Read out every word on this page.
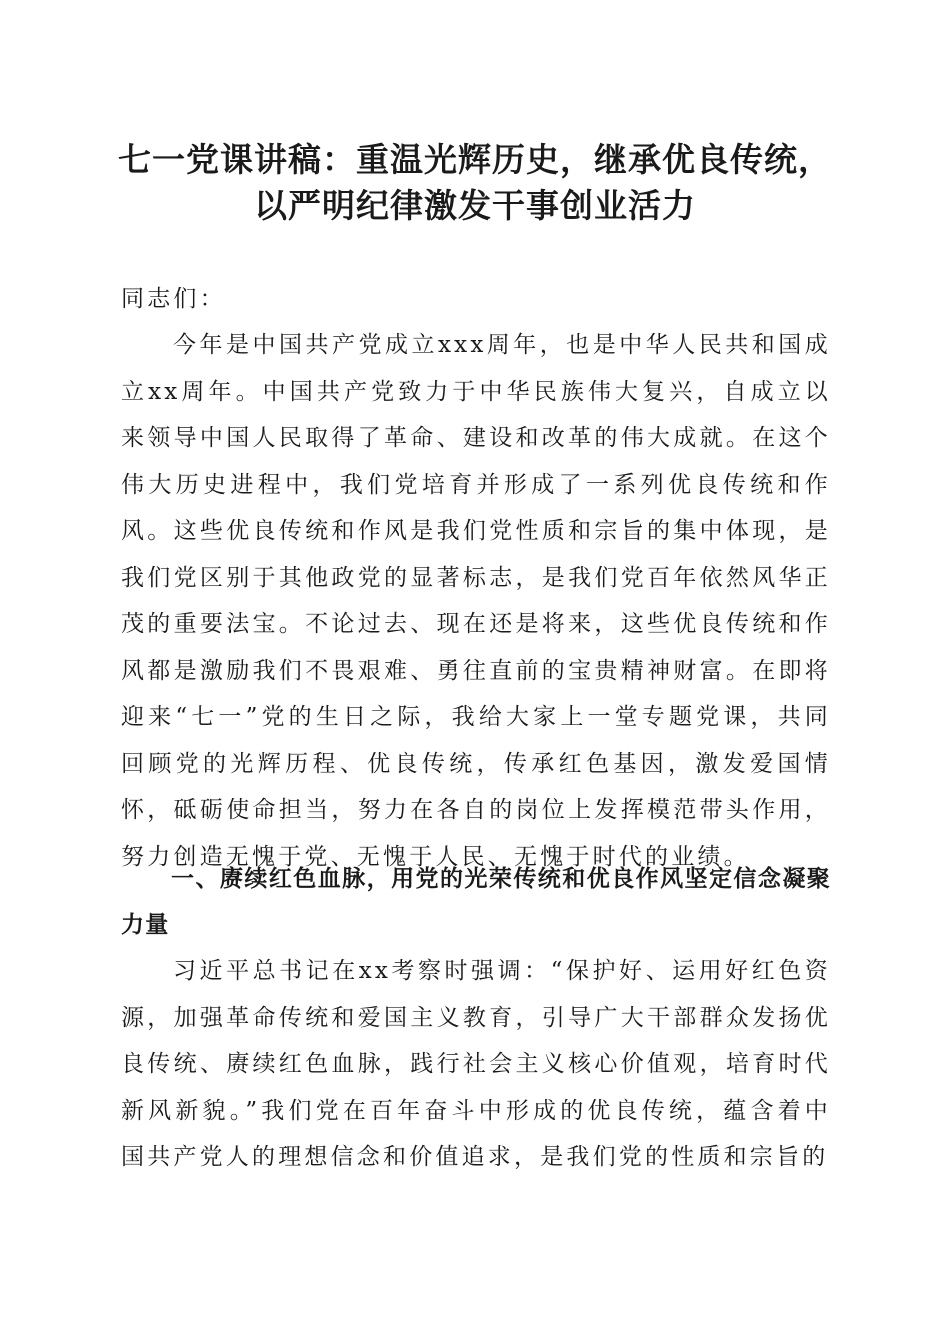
七一党课讲稿：重温光辉历史，继承优良传统，
以严明纪律激发干事创业活力
同志们：
今年是中国共产党成立xxx周年，也是中华人民共和国成立xx周年。中国共产党致力于中华民族伟大复兴，自成立以来领导中国人民取得了革命、建设和改革的伟大成就。在这个伟大历史进程中，我们党培育并形成了一系列优良传统和作风。这些优良传统和作风是我们党性质和宗旨的集中体现，是我们党区别于其他政党的显著标志，是我们党百年依然风华正茂的重要法宝。不论过去、现在还是将来，这些优良传统和作风都是激励我们不畏艰难、勇往直前的宝贵精神财富。在即将迎来“七一”党的生日之际，我给大家上一堂专题党课，共同回顾党的光辉历程、优良传统，传承红色基因，激发爱国情怀，砥砺使命担当，努力在各自的岗位上发挥模范带头作用，努力创造无愧于党、无愧于人民、无愧于时代的业绩。
一、赓续红色血脉，用党的光荣传统和优良作风坚定信念凝聚力量
习近平总书记在xx考察时强调：“保护好、运用好红色资源，加强革命传统和爱国主义教育，引导广大干部群众发扬优良传统、赓续红色血脉，践行社会主义核心价值观，培育时代新风新貌。”我们党在百年奋斗中形成的优良传统，蕴含着中国共产党人的理想信念和价值追求，是我们党的性质和宗旨的
